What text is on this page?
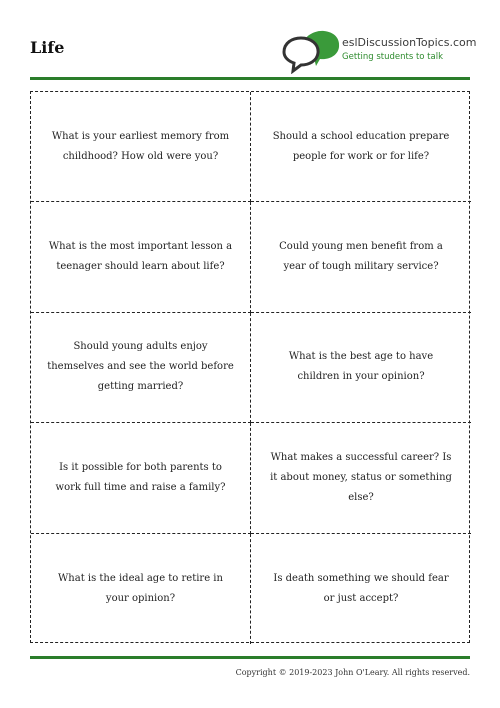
Life	eslDiscussionTopics.com
Getting students to talk
What is your earliest memory from childhood? How old were you?
Should a school education prepare people for work or for life?
What is the most important lesson a teenager should learn about life?
Could young men benefit from a year of tough military service?
Should young adults enjoy themselves and see the world before getting married?
What is the best age to have children in your opinion?
Is it possible for both parents to work full time and raise a family?
What makes a successful career? Is it about money, status or something else?
What is the ideal age to retire in your opinion?
Is death something we should fear or just accept?
Copyright © 2019-2023 John O'Leary. All rights reserved.
